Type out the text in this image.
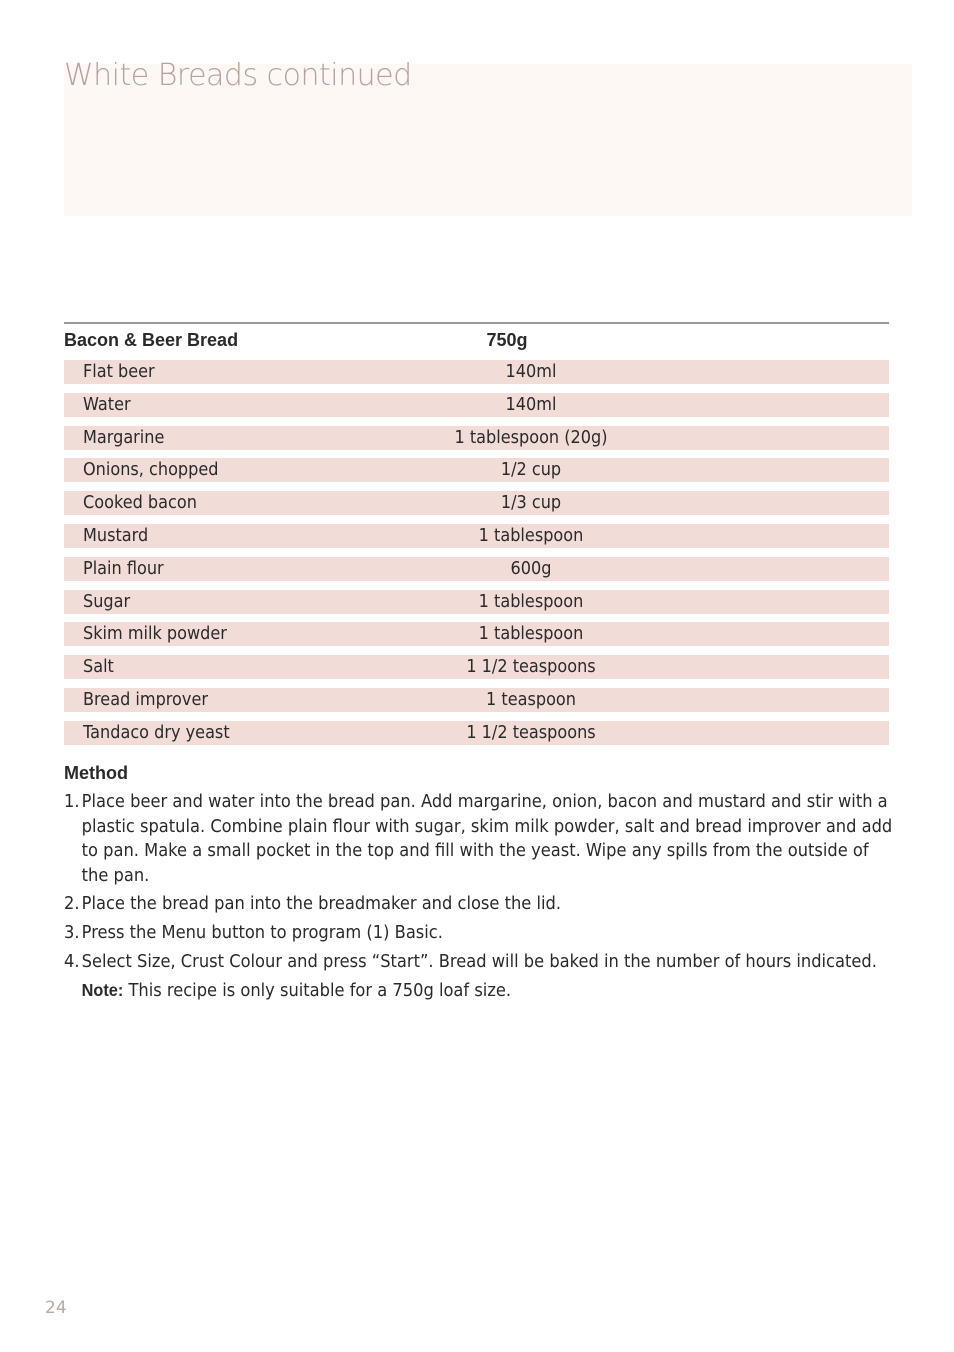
White Breads continued
Bacon & Beer Bread	750g
Flat beer	140ml
Water	140ml
Margarine	1 tablespoon (20g)
Onions, chopped	1/2 cup
Cooked bacon	1/3 cup
Mustard	1 tablespoon
Plain flour	600g
Sugar	1 tablespoon
Skim milk powder	1 tablespoon
Salt	1 1/2 teaspoons
Bread improver	1 teaspoon
Tandaco dry yeast	1 1/2 teaspoons
Method
1. Place beer and water into the bread pan. Add margarine, onion, bacon and mustard and stir with a plastic spatula. Combine plain flour with sugar, skim milk powder, salt and bread improver and add to pan. Make a small pocket in the top and fill with the yeast. Wipe any spills from the outside of the pan.
2. Place the bread pan into the breadmaker and close the lid.
3. Press the Menu button to program (1) Basic.
4. Select Size, Crust Colour and press “Start”. Bread will be baked in the number of hours indicated.
Note: This recipe is only suitable for a 750g loaf size.
24
